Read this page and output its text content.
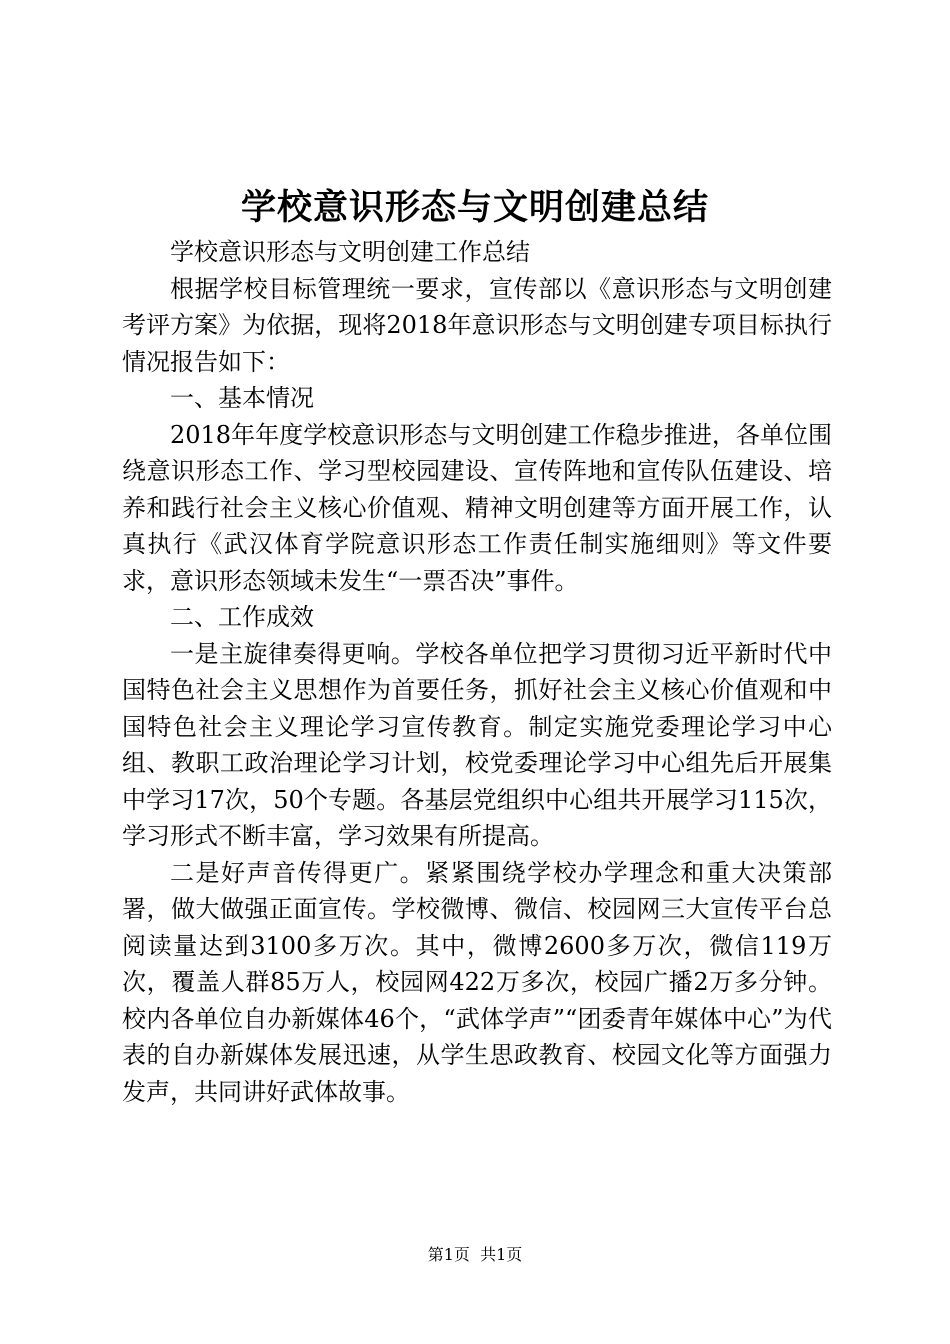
学校意识形态与文明创建总结

学校意识形态与文明创建工作总结

根据学校目标管理统一要求，宣传部以《意识形态与文明创建考评方案》为依据，现将2018年意识形态与文明创建专项目标执行情况报告如下：

一、基本情况

2018年年度学校意识形态与文明创建工作稳步推进，各单位围绕意识形态工作、学习型校园建设、宣传阵地和宣传队伍建设、培养和践行社会主义核心价值观、精神文明创建等方面开展工作，认真执行《武汉体育学院意识形态工作责任制实施细则》等文件要求，意识形态领域未发生“一票否决”事件。

二、工作成效

一是主旋律奏得更响。学校各单位把学习贯彻习近平新时代中国特色社会主义思想作为首要任务，抓好社会主义核心价值观和中国特色社会主义理论学习宣传教育。制定实施党委理论学习中心组、教职工政治理论学习计划，校党委理论学习中心组先后开展集中学习17次，50个专题。各基层党组织中心组共开展学习115次，学习形式不断丰富，学习效果有所提高。

二是好声音传得更广。紧紧围绕学校办学理念和重大决策部署，做大做强正面宣传。学校微博、微信、校园网三大宣传平台总阅读量达到3100多万次。其中，微博2600多万次，微信119万次，覆盖人群85万人，校园网422万多次，校园广播2万多分钟。校内各单位自办新媒体46个，“武体学声”“团委青年媒体中心”为代表的自办新媒体发展迅速，从学生思政教育、校园文化等方面强力发声，共同讲好武体故事。

第1页  共1页
